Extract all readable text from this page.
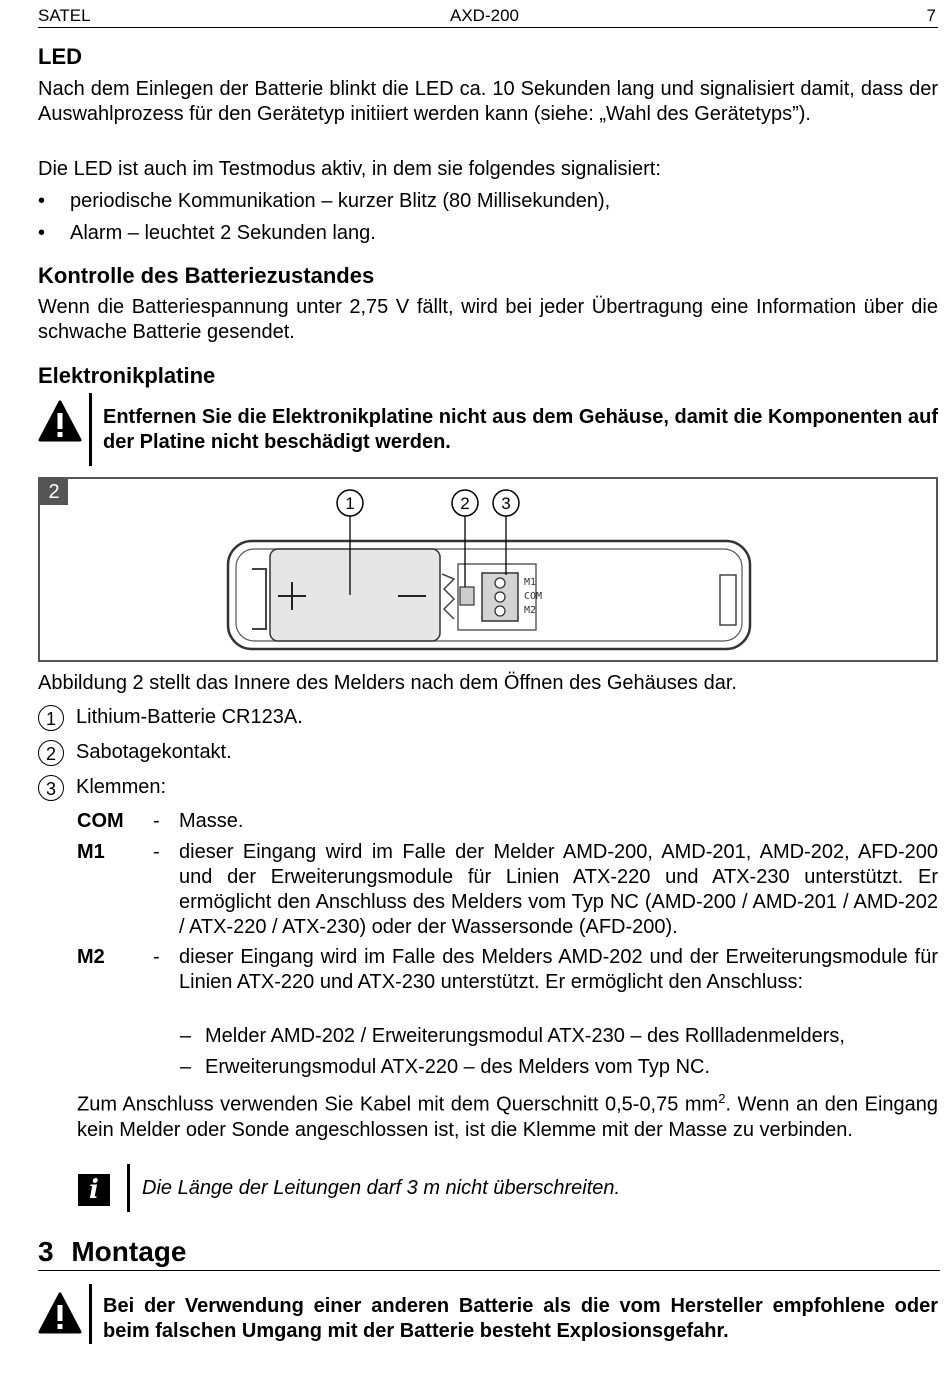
SATEL	AXD-200	7
LED

Nach dem Einlegen der Batterie blinkt die LED ca. 10 Sekunden lang und signalisiert damit, dass der Auswahlprozess für den Gerätetyp initiiert werden kann (siehe: „Wahl des Gerätetyps”).

Die LED ist auch im Testmodus aktiv, in dem sie folgendes signalisiert:

• periodische Kommunikation – kurzer Blitz (80 Millisekunden),
• Alarm – leuchtet 2 Sekunden lang.
Kontrolle des Batteriezustandes

Wenn die Batteriespannung unter 2,75 V fällt, wird bei jeder Übertragung eine Information über die schwache Batterie gesendet.

Elektronikplatine

Entfernen Sie die Elektronikplatine nicht aus dem Gehäuse, damit die Komponenten auf der Platine nicht beschädigt werden.

2
M1
COM
M2
1	2 3

Abbildung 2 stellt das Innere des Melders nach dem Öffnen des Gehäuses dar.

1	Lithium-Batterie CR123A.
2	Sabotagekontakt.
3	Klemmen:
COM - Masse.
M1 - dieser Eingang wird im Falle der Melder AMD-200, AMD-201, AMD-202, AFD-200 und der Erweiterungsmodule für Linien ATX-220 und ATX-230 unterstützt. Er ermöglicht den Anschluss des Melders vom Typ NC (AMD-200 / AMD-201 / AMD-202 / ATX-220 / ATX-230) oder der Wassersonde (AFD-200).
M2 - dieser Eingang wird im Falle des Melders AMD-202 und der Erweiterungsmodule für Linien ATX-220 und ATX-230 unterstützt. Er ermöglicht den Anschluss:
– Melder AMD-202 / Erweiterungsmodul ATX-230 – des Rollladenmelders,
– Erweiterungsmodul ATX-220 – des Melders vom Typ NC.

Zum Anschluss verwenden Sie Kabel mit dem Querschnitt 0,5-0,75 $mm^2$. Wenn an den Eingang kein Melder oder Sonde angeschlossen ist, ist die Klemme mit der Masse zu verbinden.

i	Die Länge der Leitungen darf 3 m nicht überschreiten.
3 Montage

Bei der Verwendung einer anderen Batterie als die vom Hersteller empfohlene oder beim falschen Umgang mit der Batterie besteht Explosionsgefahr.
